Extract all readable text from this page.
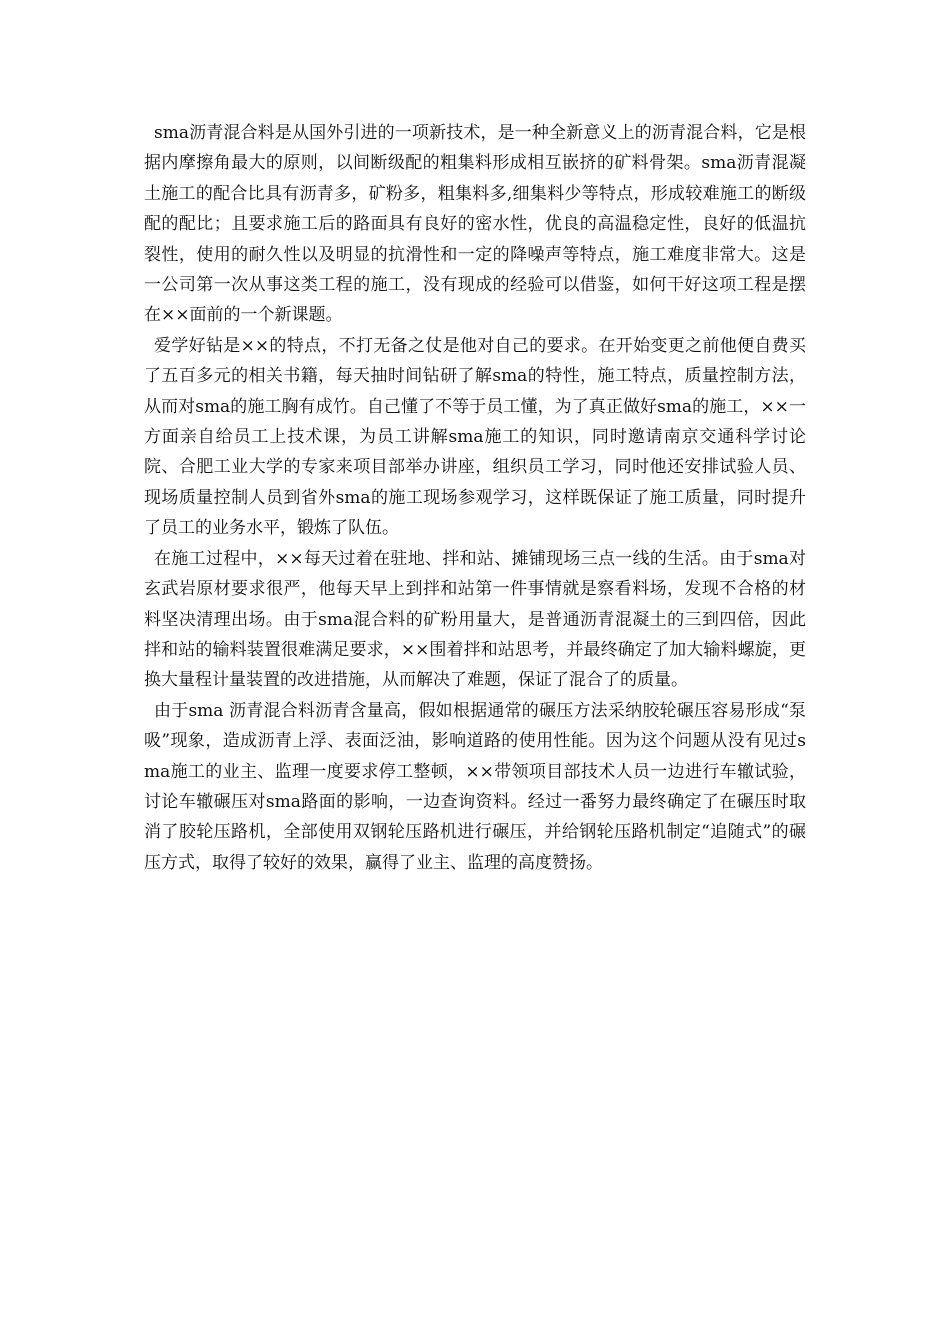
sma沥青混合料是从国外引进的一项新技术，是一种全新意义上的沥青混合料，它是根据内摩擦角最大的原则，以间断级配的粗集料形成相互嵌挤的矿料骨架。sma沥青混凝土施工的配合比具有沥青多，矿粉多，粗集料多,细集料少等特点，形成较难施工的断级配的配比；且要求施工后的路面具有良好的密水性，优良的高温稳定性，良好的低温抗裂性，使用的耐久性以及明显的抗滑性和一定的降噪声等特点，施工难度非常大。这是一公司第一次从事这类工程的施工，没有现成的经验可以借鉴，如何干好这项工程是摆在××面前的一个新课题。

爱学好钻是××的特点，不打无备之仗是他对自己的要求。在开始变更之前他便自费买了五百多元的相关书籍，每天抽时间钻研了解sma的特性，施工特点，质量控制方法，从而对sma的施工胸有成竹。自己懂了不等于员工懂，为了真正做好sma的施工，××一方面亲自给员工上技术课，为员工讲解sma施工的知识，同时邀请南京交通科学讨论院、合肥工业大学的专家来项目部举办讲座，组织员工学习，同时他还安排试验人员、现场质量控制人员到省外sma的施工现场参观学习，这样既保证了施工质量，同时提升了员工的业务水平，锻炼了队伍。

在施工过程中，××每天过着在驻地、拌和站、摊铺现场三点一线的生活。由于sma对玄武岩原材要求很严，他每天早上到拌和站第一件事情就是察看料场，发现不合格的材料坚决清理出场。由于sma混合料的矿粉用量大，是普通沥青混凝土的三到四倍，因此拌和站的输料装置很难满足要求，××围着拌和站思考，并最终确定了加大输料螺旋，更换大量程计量装置的改进措施，从而解决了难题，保证了混合了的质量。

由于sma 沥青混合料沥青含量高，假如根据通常的碾压方法采纳胶轮碾压容易形成“泵吸”现象，造成沥青上浮、表面泛油，影响道路的使用性能。因为这个问题从没有见过sma施工的业主、监理一度要求停工整顿，××带领项目部技术人员一边进行车辙试验，讨论车辙碾压对sma路面的影响，一边查询资料。经过一番努力最终确定了在碾压时取消了胶轮压路机，全部使用双钢轮压路机进行碾压，并给钢轮压路机制定“追随式”的碾压方式，取得了较好的效果，赢得了业主、监理的高度赞扬。
